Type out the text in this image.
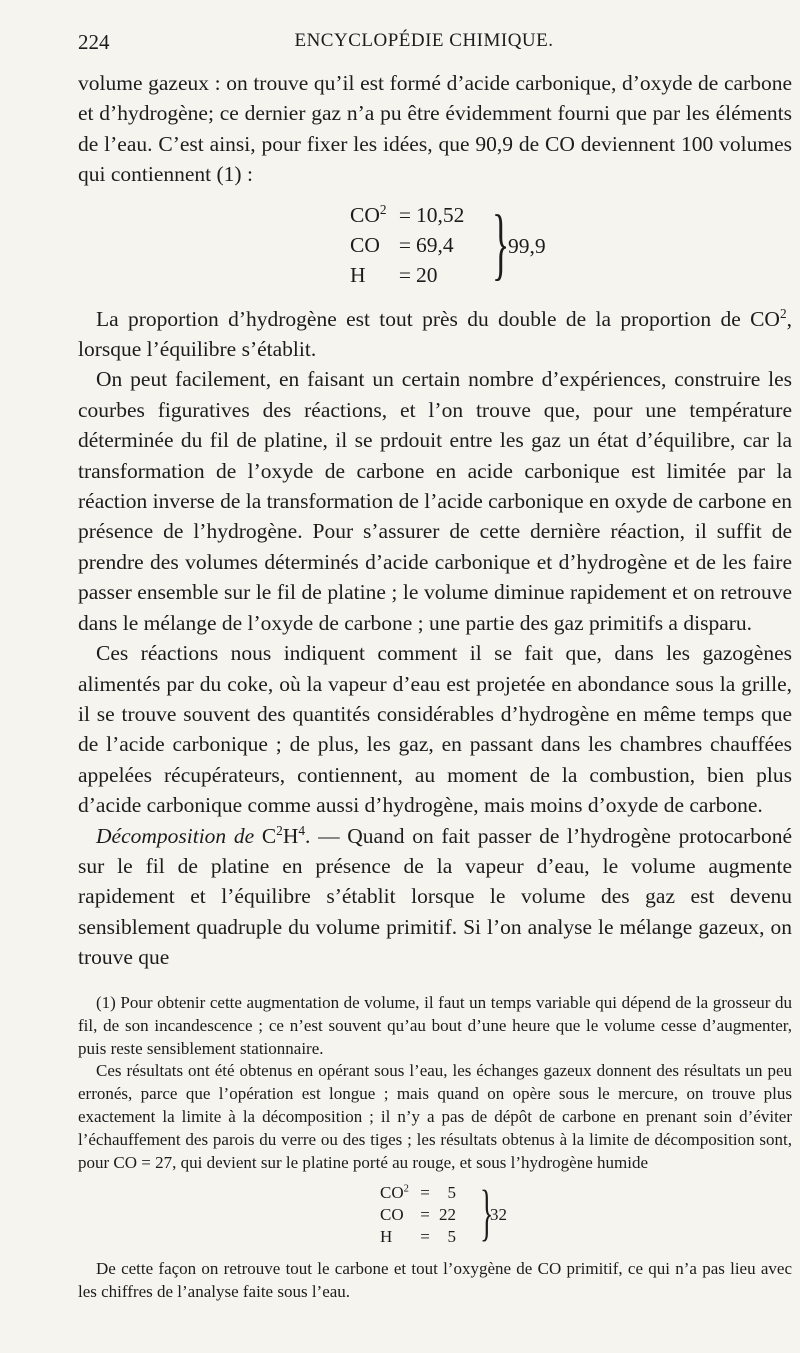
224	ENCYCLOPÉDIE CHIMIQUE.

volume gazeux : on trouve qu’il est formé d’acide carbonique, d’oxyde de carbone et d’hydrogène; ce dernier gaz n’a pu être évidemment fourni que par les éléments de l’eau. C’est ainsi, pour fixer les idées, que 90,9 de CO deviennent 100 volumes qui contiennent (1) :

$CO^2 = 10,52$
CO = 69,4
H = 20 }
99,9

La proportion d’hydrogène est tout près du double de la proportion de $CO^2$, lorsque l’équilibre s’établit.

On peut facilement, en faisant un certain nombre d’expériences, construire les courbes figuratives des réactions, et l’on trouve que, pour une température déterminée du fil de platine, il se prdouit entre les gaz un état d’équilibre, car la transformation de l’oxyde de carbone en acide carbonique est limitée par la réaction inverse de la transformation de l’acide carbonique en oxyde de carbone en présence de l’hydrogène. Pour s’assurer de cette dernière réaction, il suffit de prendre des volumes déterminés d’acide carbonique et d’hydrogène et de les faire passer ensemble sur le fil de platine ; le volume diminue rapidement et on retrouve dans le mélange de l’oxyde de carbone ; une partie des gaz primitifs a disparu.

Ces réactions nous indiquent comment il se fait que, dans les gazogènes alimentés par du coke, où la vapeur d’eau est projetée en abondance sous la grille, il se trouve souvent des quantités considérables d’hydrogène en même temps que de l’acide carbonique ; de plus, les gaz, en passant dans les chambres chauffées appelées récupérateurs, contiennent, au moment de la combustion, bien plus d’acide carbonique comme aussi d’hydrogène, mais moins d’oxyde de carbone.

Décomposition de $C^2H^4$. — Quand on fait passer de l’hydrogène protocarboné sur le fil de platine en présence de la vapeur d’eau, le volume augmente rapidement et l’équilibre s’établit lorsque le volume des gaz est devenu sensiblement quadruple du volume primitif. Si l’on analyse le mélange gazeux, on trouve que

(1) Pour obtenir cette augmentation de volume, il faut un temps variable qui dépend de la grosseur du fil, de son incandescence ; ce n’est souvent qu’au bout d’une heure que le volume cesse d’augmenter, puis reste sensiblement stationnaire.

Ces résultats ont été obtenus en opérant sous l’eau, les échanges gazeux donnent des résultats un peu erronés, parce que l’opération est longue ; mais quand on opère sous le mercure, on trouve plus exactement la limite à la décomposition ; il n’y a pas de dépôt de carbone en prenant soin d’éviter l’échauffement des parois du verre ou des tiges ; les résultats obtenus à la limite de décomposition sont, pour CO = 27, qui devient sur le platine porté au rouge, et sous l’hydrogène humide

$CO^2 = 5$
CO = 22
H = 5 }
32

De cette façon on retrouve tout le carbone et tout l’oxygène de CO primitif, ce qui n’a pas lieu avec les chiffres de l’analyse faite sous l’eau.
